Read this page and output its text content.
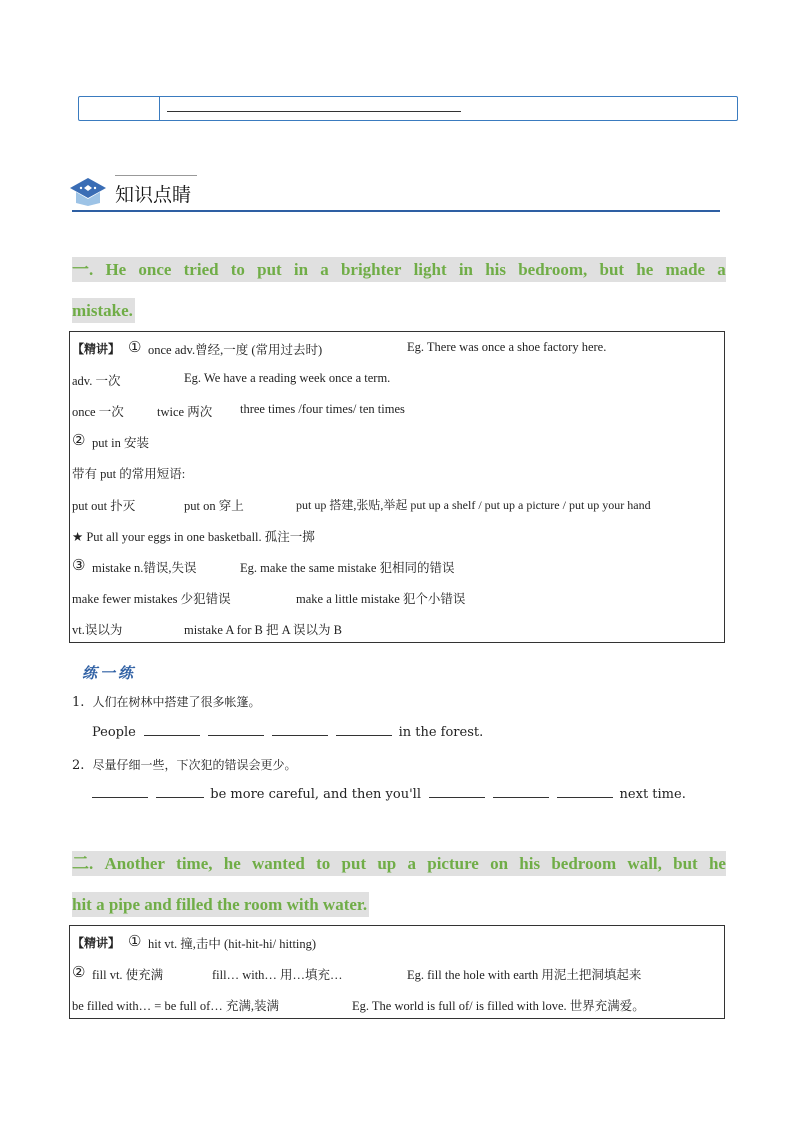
知识点睛
一. He once tried to put in a brighter light in his bedroom, but he made a
mistake.
【精讲】 ① once adv.曾经,一度 (常用过去时)	Eg. There was once a shoe factory here.
adv. 一次	Eg. We have a reading week once a term.
once 一次	twice 两次 three times /four times/ ten times
② put in 安装
带有 put 的常用短语:
put out 扑灭	put on 穿上	put up 搭建,张贴,举起 put up a shelf / put up a picture / put up your hand
★ Put all your eggs in one basketball. 孤注一掷
③ mistake n.错误,失误	Eg. make the same mistake 犯相同的错误
make fewer mistakes 少犯错误	make a little mistake 犯个小错误
vt.误以为	mistake A for B 把 A 误以为 B
练一练
1. 人们在树林中搭建了很多帐篷。
People	in the forest.
2. 尽量仔细一些，下次犯的错误会更少。
be more careful, and then you'll	next time.
二. Another time, he wanted to put up a picture on his bedroom wall, but he
hit a pipe and filled the room with water.
【精讲】 ① hit vt. 撞,击中 (hit-hit-hi/ hitting)
② fill vt. 使充满	fill… with… 用…填充…	Eg. fill the hole with earth 用泥土把洞填起来
be filled with… = be full of… 充满,装满	Eg. The world is full of/ is filled with love. 世界充满爱。
